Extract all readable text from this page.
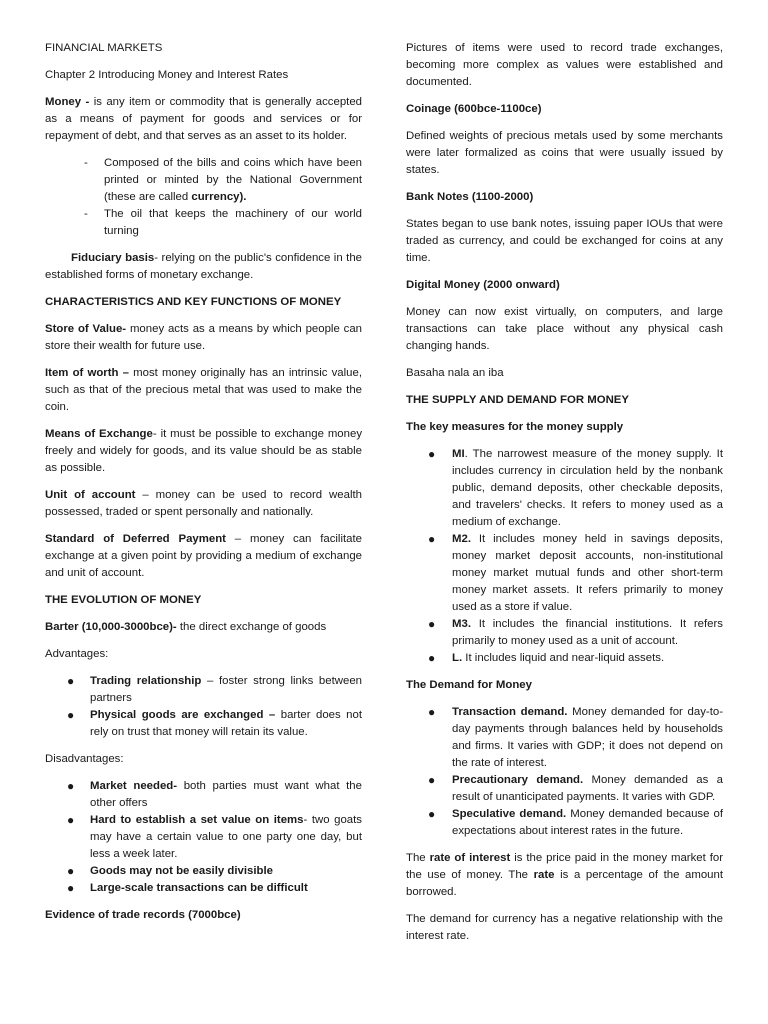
FINANCIAL MARKETS

Chapter 2 Introducing Money and Interest Rates

Money - is any item or commodity that is generally accepted as a means of payment for goods and services or for repayment of debt, and that serves as an asset to its holder.

- Composed of the bills and coins which have been printed or minted by the National Government (these are called currency).
- The oil that keeps the machinery of our world turning

Fiduciary basis- relying on the public's confidence in the established forms of monetary exchange.

CHARACTERISTICS AND KEY FUNCTIONS OF MONEY

Store of Value- money acts as a means by which people can store their wealth for future use.

Item of worth – most money originally has an intrinsic value, such as that of the precious metal that was used to make the coin.

Means of Exchange- it must be possible to exchange money freely and widely for goods, and its value should be as stable as possible.

Unit of account – money can be used to record wealth possessed, traded or spent personally and nationally.

Standard of Deferred Payment – money can facilitate exchange at a given point by providing a medium of exchange and unit of account.

THE EVOLUTION OF MONEY

Barter (10,000-3000bce)- the direct exchange of goods

Advantages:

● Trading relationship – foster strong links between partners
● Physical goods are exchanged – barter does not rely on trust that money will retain its value.

Disadvantages:

● Market needed- both parties must want what the other offers
● Hard to establish a set value on items- two goats may have a certain value to one party one day, but less a week later.
● Goods may not be easily divisible
● Large-scale transactions can be difficult

Evidence of trade records (7000bce)

Pictures of items were used to record trade exchanges, becoming more complex as values were established and documented.

Coinage (600bce-1100ce)

Defined weights of precious metals used by some merchants were later formalized as coins that were usually issued by states.

Bank Notes (1100-2000)

States began to use bank notes, issuing paper IOUs that were traded as currency, and could be exchanged for coins at any time.

Digital Money (2000 onward)

Money can now exist virtually, on computers, and large transactions can take place without any physical cash changing hands.

Basaha nala an iba

THE SUPPLY AND DEMAND FOR MONEY

The key measures for the money supply

● MI. The narrowest measure of the money supply. It includes currency in circulation held by the nonbank public, demand deposits, other checkable deposits, and travelers' checks. It refers to money used as a medium of exchange.
● M2. It includes money held in savings deposits, money market deposit accounts, non-institutional money market mutual funds and other short-term money market assets. It refers primarily to money used as a store if value.
● M3. It includes the financial institutions. It refers primarily to money used as a unit of account.
● L. It includes liquid and near-liquid assets.

The Demand for Money

● Transaction demand. Money demanded for day-to-day payments through balances held by households and firms. It varies with GDP; it does not depend on the rate of interest.
● Precautionary demand. Money demanded as a result of unanticipated payments. It varies with GDP.
● Speculative demand. Money demanded because of expectations about interest rates in the future.

The rate of interest is the price paid in the money market for the use of money. The rate is a percentage of the amount borrowed.

The demand for currency has a negative relationship with the interest rate.
